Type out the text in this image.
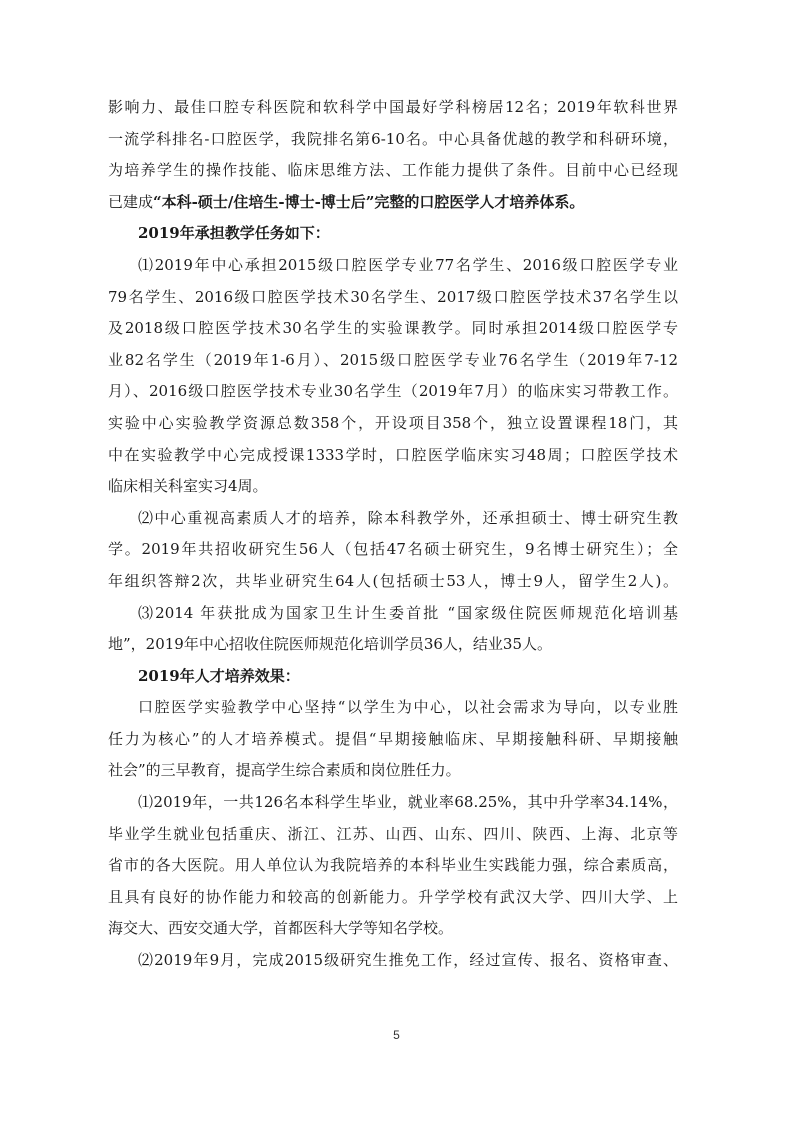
影响力、最佳口腔专科医院和软科学中国最好学科榜居12名；2019年软科世界
一流学科排名-口腔医学，我院排名第6-10名。中心具备优越的教学和科研环境，
为培养学生的操作技能、临床思维方法、工作能力提供了条件。目前中心已经现
已建成“本科-硕士/住培生-博士-博士后”完整的口腔医学人才培养体系。
2019年承担教学任务如下：
⑴2019年中心承担2015级口腔医学专业77名学生、2016级口腔医学专业
79名学生、2016级口腔医学技术30名学生、2017级口腔医学技术37名学生以
及2018级口腔医学技术30名学生的实验课教学。同时承担2014级口腔医学专
业82名学生（2019年1-6月）、2015级口腔医学专业76名学生（2019年7-12
月）、2016级口腔医学技术专业30名学生（2019年7月）的临床实习带教工作。
实验中心实验教学资源总数358个，开设项目358个，独立设置课程18门，其
中在实验教学中心完成授课1333学时，口腔医学临床实习48周；口腔医学技术
临床相关科室实习4周。
⑵中心重视高素质人才的培养，除本科教学外，还承担硕士、博士研究生教
学。2019年共招收研究生56人（包括47名硕士研究生，9名博士研究生）；全
年组织答辩2次，共毕业研究生64人(包括硕士53人，博士9人，留学生2人)。
⑶2014 年获批成为国家卫生计生委首批 “国家级住院医师规范化培训基
地”，2019年中心招收住院医师规范化培训学员36人，结业35人。
2019年人才培养效果：
口腔医学实验教学中心坚持“以学生为中心，以社会需求为导向，以专业胜
任力为核心”的人才培养模式。提倡“早期接触临床、早期接触科研、早期接触
社会”的三早教育，提高学生综合素质和岗位胜任力。
⑴2019年，一共126名本科学生毕业，就业率68.25%，其中升学率34.14%，
毕业学生就业包括重庆、浙江、江苏、山西、山东、四川、陕西、上海、北京等
省市的各大医院。用人单位认为我院培养的本科毕业生实践能力强，综合素质高，
且具有良好的协作能力和较高的创新能力。升学学校有武汉大学、四川大学、上
海交大、西安交通大学，首都医科大学等知名学校。
⑵2019年9月，完成2015级研究生推免工作，经过宣传、报名、资格审查、
5
